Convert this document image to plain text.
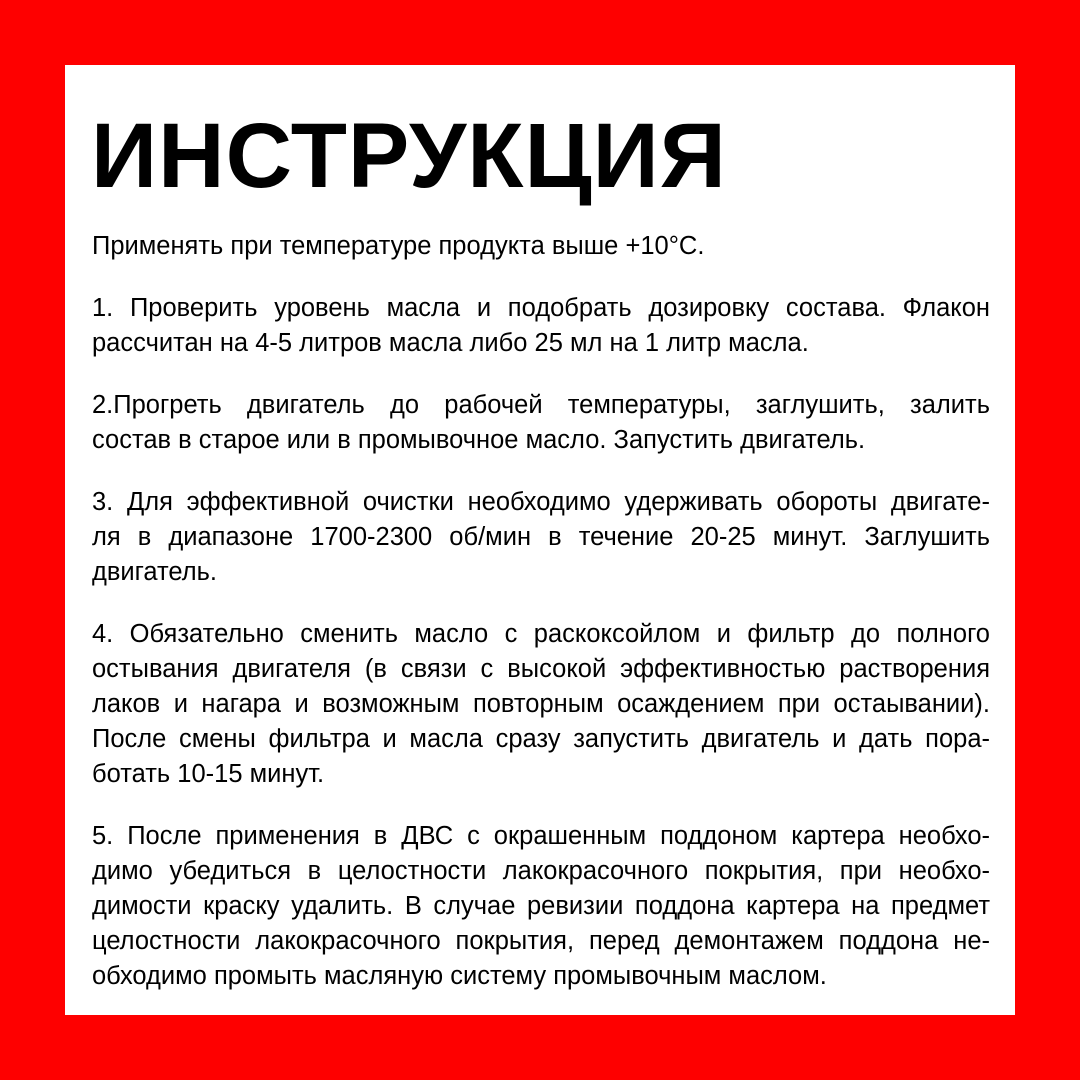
ИНСТРУКЦИЯ
Применять при температуре продукта выше +10°C.
1. Проверить уровень масла и подобрать дозировку состава. Флакон
рассчитан на 4-5 литров масла либо 25 мл на 1 литр масла.
2.Прогреть двигатель до рабочей температуры, заглушить, залить
состав в старое или в промывочное масло. Запустить двигатель.
3. Для эффективной очистки необходимо удерживать обороты двигате-
ля в диапазоне 1700-2300 об/мин в течение 20-25 минут. Заглушить
двигатель.
4. Обязательно сменить масло с раскоксойлом и фильтр до полного
остывания двигателя (в связи с высокой эффективностью растворения
лаков и нагара и возможным повторным осаждением при остаывании).
После смены фильтра и масла сразу запустить двигатель и дать пора-
ботать 10-15 минут.
5. После применения в ДВС с окрашенным поддоном картера необхо-
димо убедиться в целостности лакокрасочного покрытия, при необхо-
димости краску удалить. В случае ревизии поддона картера на предмет
целостности лакокрасочного покрытия, перед демонтажем поддона не-
обходимо промыть масляную систему промывочным маслом.
